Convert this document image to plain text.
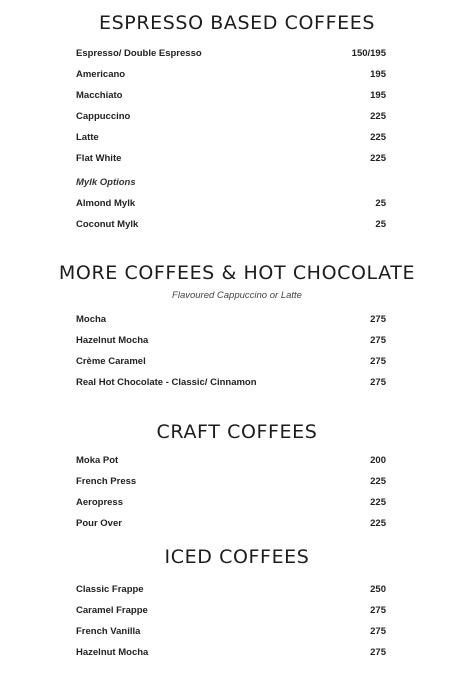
ESPRESSO BASED COFFEES
Espresso/ Double Espresso	150/195
Americano	195
Macchiato	195
Cappuccino	225
Latte	225
Flat White	225
Mylk Options
Almond Mylk	25
Coconut Mylk	25
MORE COFFEES & HOT CHOCOLATE
Flavoured Cappuccino or Latte
Mocha	275
Hazelnut Mocha	275
Crème Caramel	275
Real Hot Chocolate - Classic/ Cinnamon	275
CRAFT COFFEES
Moka Pot	200
French Press	225
Aeropress	225
Pour Over	225
ICED COFFEES
Classic Frappe	250
Caramel Frappe	275
French Vanilla	275
Hazelnut Mocha	275
